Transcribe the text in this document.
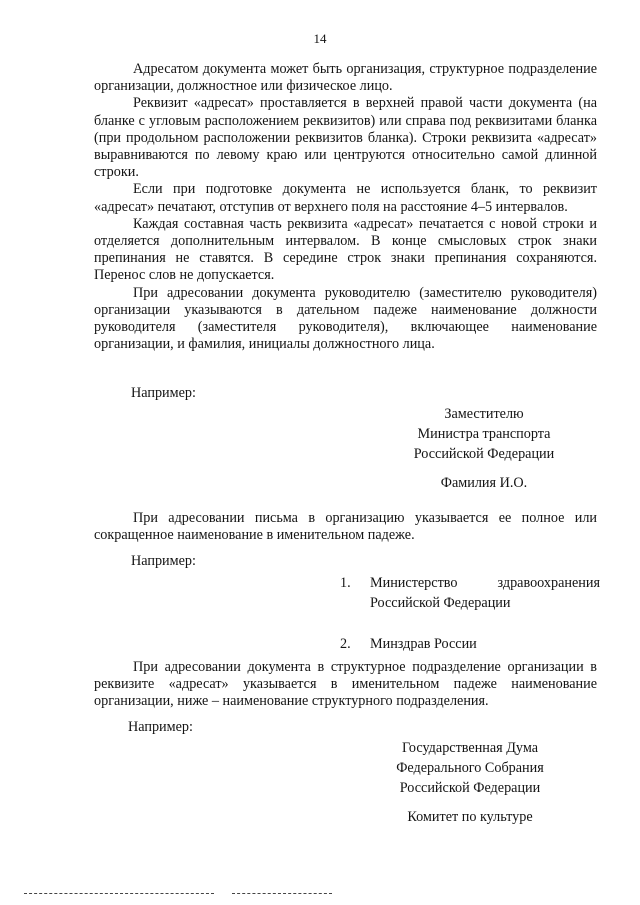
14

Адресатом документа может быть организация, структурное подразделение организации, должностное или физическое лицо.

Реквизит «адресат» проставляется в верхней правой части документа (на бланке с угловым расположением реквизитов) или справа под реквизитами бланка (при продольном расположении реквизитов бланка). Строки реквизита «адресат» выравниваются по левому краю или центруются относительно самой длинной строки.

Если при подготовке документа не используется бланк, то реквизит «адресат» печатают, отступив от верхнего поля на расстояние 4–5 интервалов.

Каждая составная часть реквизита «адресат» печатается с новой строки и отделяется дополнительным интервалом. В конце смысловых строк знаки препинания не ставятся. В середине строк знаки препинания сохраняются. Перенос слов не допускается.

При адресовании документа руководителю (заместителю руководителя) организации указываются в дательном падеже наименование должности руководителя (заместителя руководителя), включающее наименование организации, и фамилия, инициалы должностного лица.

Например:
Заместителю
Министра транспорта
Российской Федерации
Фамилия И.О.

При адресовании письма в организацию указывается ее полное или сокращенное наименование в именительном падеже.

Например:
1.	Министерство здравоохранения Российской Федерации
2.	Минздрав России

При адресовании документа в структурное подразделение организации в реквизите «адресат» указывается в именительном падеже наименование организации, ниже – наименование структурного подразделения.

Например:
Государственная Дума
Федерального Собрания
Российской Федерации
Комитет по культуре
